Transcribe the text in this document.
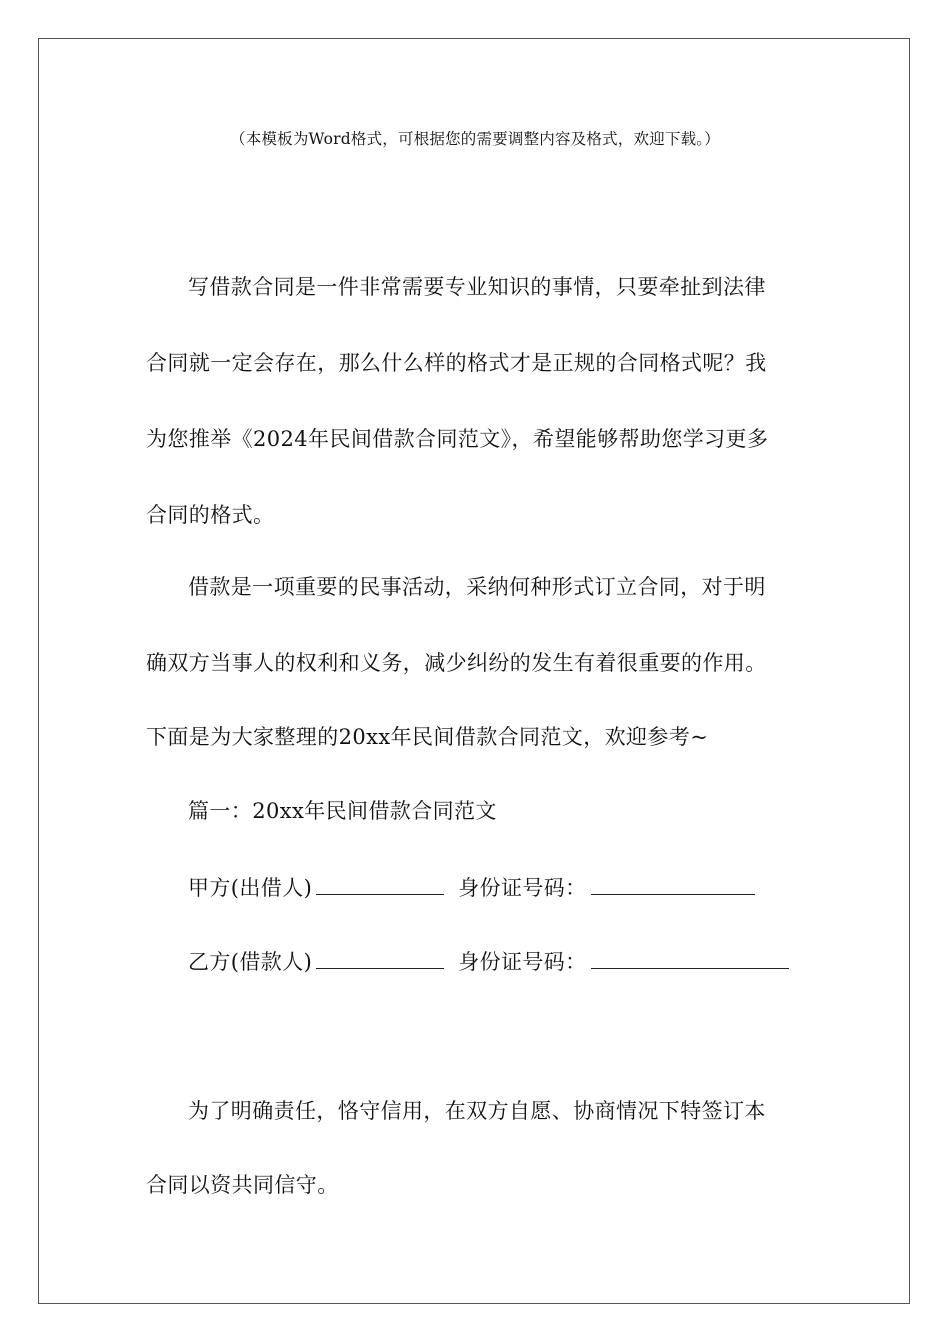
（本模板为Word格式，可根据您的需要调整内容及格式，欢迎下载。）
写借款合同是一件非常需要专业知识的事情，只要牵扯到法律
合同就一定会存在，那么什么样的格式才是正规的合同格式呢？我
为您推举《2024年民间借款合同范文》，希望能够帮助您学习更多
合同的格式。
借款是一项重要的民事活动，采纳何种形式订立合同，对于明
确双方当事人的权利和义务，减少纠纷的发生有着很重要的作用。
下面是为大家整理的20xx年民间借款合同范文，欢迎参考~
篇一：20xx年民间借款合同范文
甲方(出借人)	身份证号码：
乙方(借款人)	身份证号码：
为了明确责任，恪守信用，在双方自愿、协商情况下特签订本
合同以资共同信守。
